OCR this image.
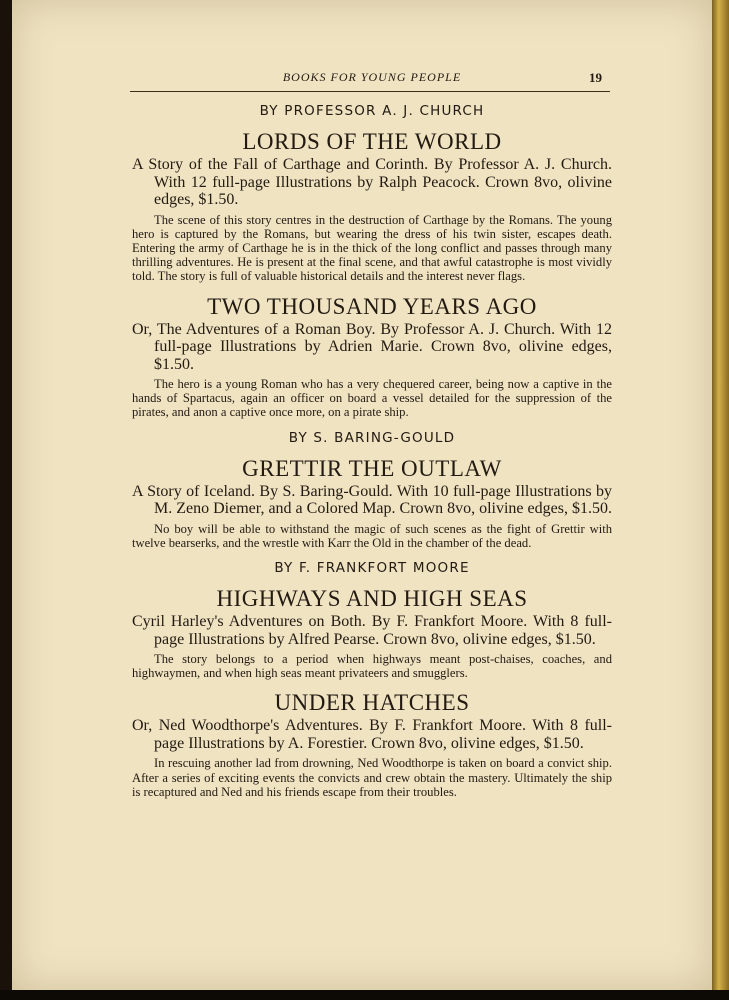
BOOKS FOR YOUNG PEOPLE	19
BY PROFESSOR A. J. CHURCH
LORDS OF THE WORLD

A Story of the Fall of Carthage and Corinth. By Professor A. J. Church. With 12 full-page Illustrations by Ralph Peacock. Crown 8vo, olivine edges, $1.50.

The scene of this story centres in the destruction of Carthage by the Romans. The young hero is captured by the Romans, but wearing the dress of his twin sister, escapes death. Entering the army of Carthage he is in the thick of the long conflict and passes through many thrilling adventures. He is present at the final scene, and that awful catastrophe is most vividly told. The story is full of valuable historical details and the interest never flags.

TWO THOUSAND YEARS AGO

Or, The Adventures of a Roman Boy. By Professor A. J. Church. With 12 full-page Illustrations by Adrien Marie. Crown 8vo, olivine edges, $1.50.

The hero is a young Roman who has a very chequered career, being now a captive in the hands of Spartacus, again an officer on board a vessel detailed for the suppression of the pirates, and anon a captive once more, on a pirate ship.

BY S. BARING-GOULD
GRETTIR THE OUTLAW

A Story of Iceland. By S. Baring-Gould. With 10 full-page Illustrations by M. Zeno Diemer, and a Colored Map. Crown 8vo, olivine edges, $1.50.

No boy will be able to withstand the magic of such scenes as the fight of Grettir with twelve bearserks, and the wrestle with Karr the Old in the chamber of the dead.

BY F. FRANKFORT MOORE
HIGHWAYS AND HIGH SEAS

Cyril Harley's Adventures on Both. By F. Frankfort Moore. With 8 full-page Illustrations by Alfred Pearse. Crown 8vo, olivine edges, $1.50.

The story belongs to a period when highways meant post-chaises, coaches, and highwaymen, and when high seas meant privateers and smugglers.

UNDER HATCHES

Or, Ned Woodthorpe's Adventures. By F. Frankfort Moore. With 8 full-page Illustrations by A. Forestier. Crown 8vo, olivine edges, $1.50.

In rescuing another lad from drowning, Ned Woodthorpe is taken on board a convict ship. After a series of exciting events the convicts and crew obtain the mastery. Ultimately the ship is recaptured and Ned and his friends escape from their troubles.
